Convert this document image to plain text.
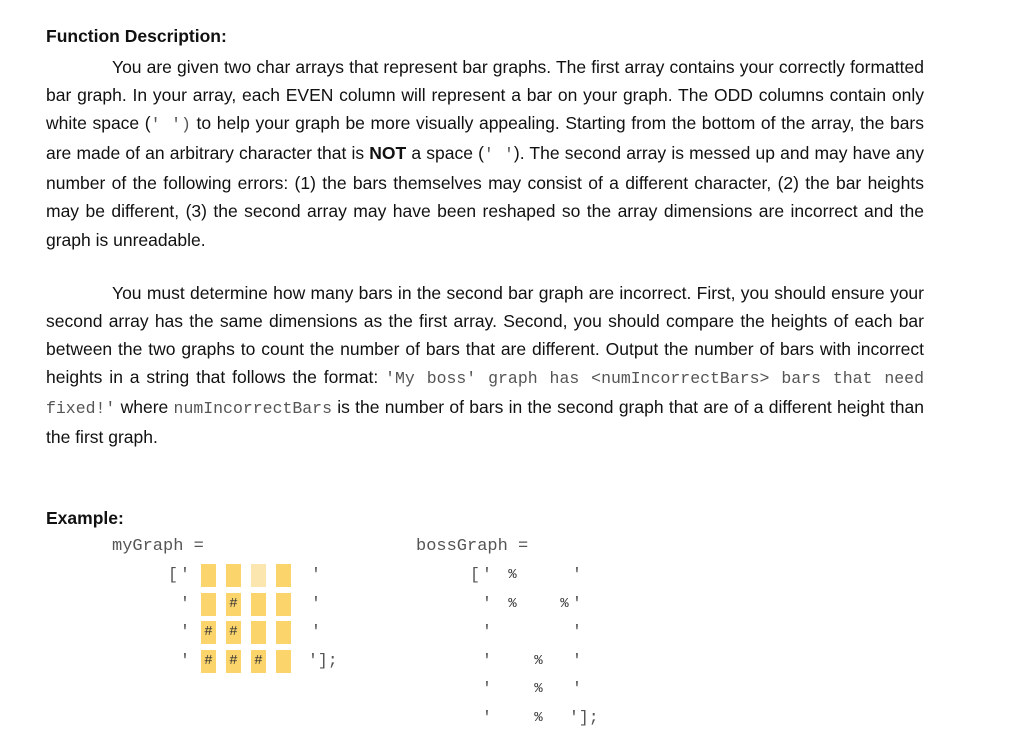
Function Description:
You are given two char arrays that represent bar graphs. The first array contains your correctly formatted bar graph. In your array, each EVEN column will represent a bar on your graph. The ODD columns contain only white space (' ') to help your graph be more visually appealing. Starting from the bottom of the array, the bars are made of an arbitrary character that is NOT a space (' '). The second array is messed up and may have any number of the following errors: (1) the bars themselves may consist of a different character, (2) the bar heights may be different, (3) the second array may have been reshaped so the array dimensions are incorrect and the graph is unreadable.
You must determine how many bars in the second bar graph are incorrect. First, you should ensure your second array has the same dimensions as the first array. Second, you should compare the heights of each bar between the two graphs to count the number of bars that are different. Output the number of bars with incorrect heights in a string that follows the format: 'My boss' graph has <numIncorrectBars> bars that need fixed!' where numIncorrectBars is the number of bars in the second graph that are of a different height than the first graph.
Example:
myGraph =
[ '
'
'
'
'
'
'
'];
#
# #
# # #
bossGraph =
[ '
'
'
'
'
'
'
'
'
'
'
'];
%
%	%
%
%
%
